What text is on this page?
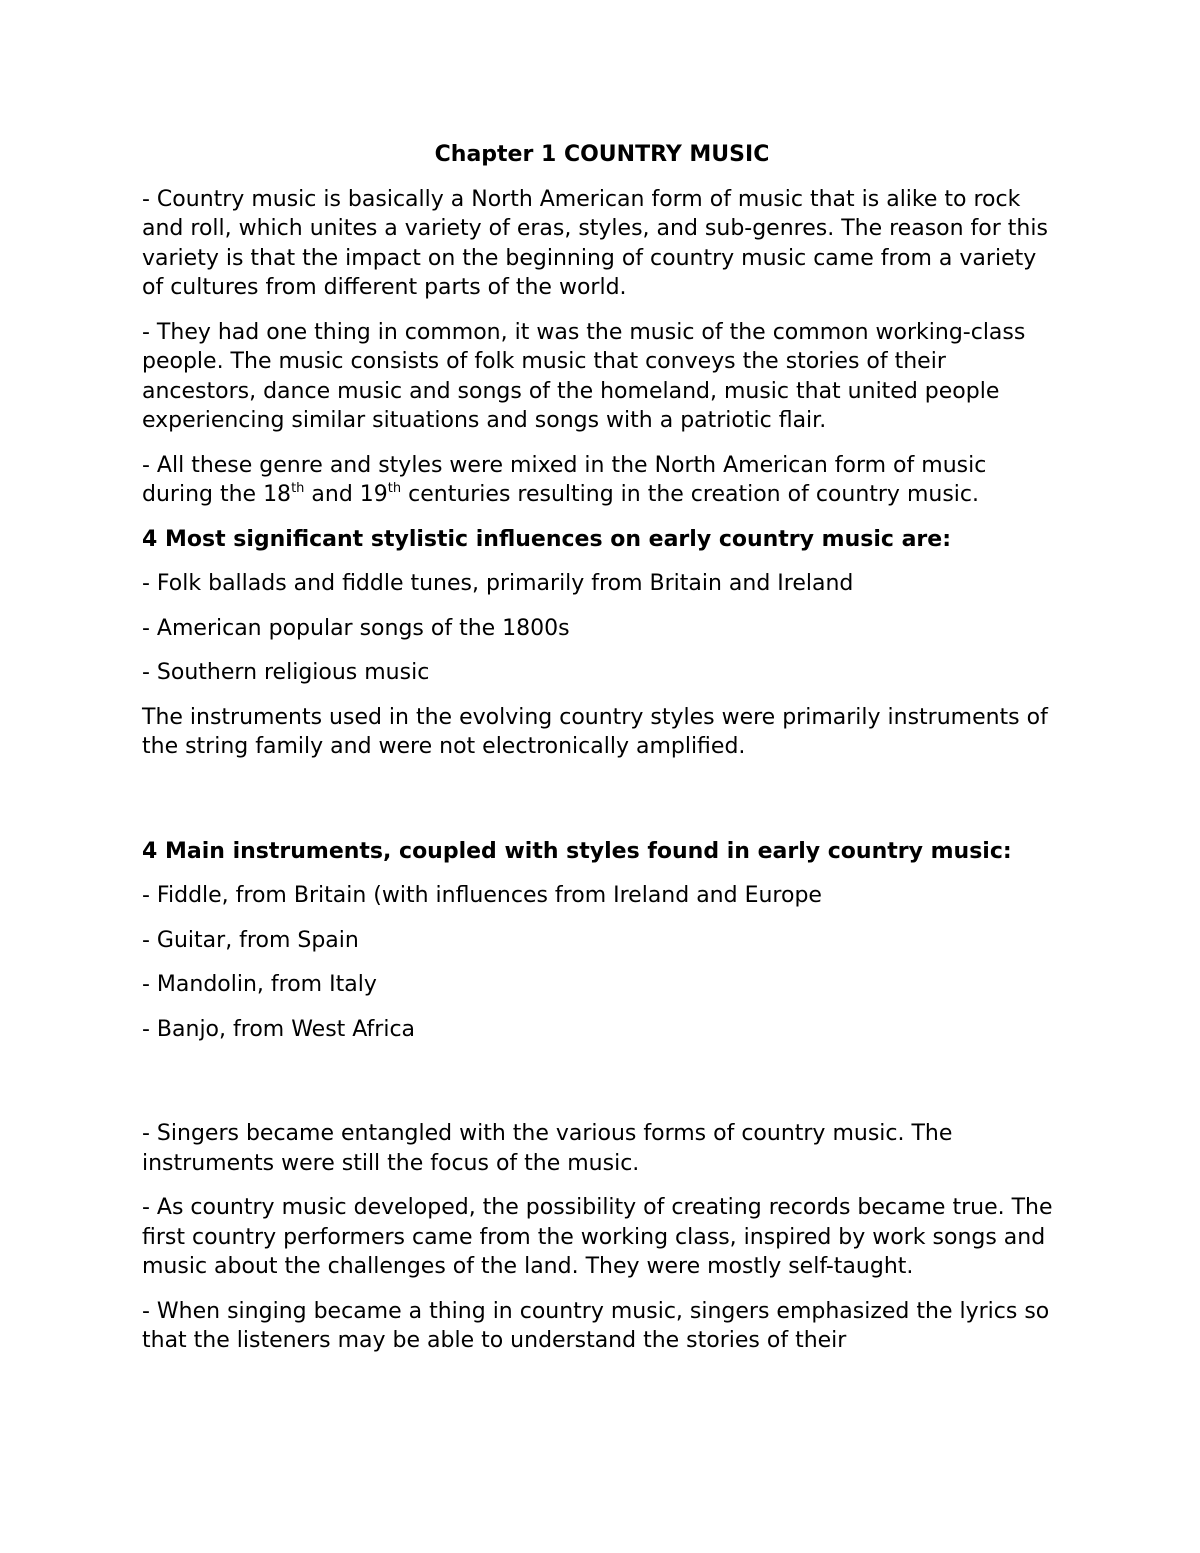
Chapter 1 COUNTRY MUSIC

- Country music is basically a North American form of music that is alike to rock and roll, which unites a variety of eras, styles, and sub-genres. The reason for this variety is that the impact on the beginning of country music came from a variety of cultures from different parts of the world.

- They had one thing in common, it was the music of the common working-class people. The music consists of folk music that conveys the stories of their ancestors, dance music and songs of the homeland, music that united people experiencing similar situations and songs with a patriotic flair.

- All these genre and styles were mixed in the North American form of music during the 18th and 19th centuries resulting in the creation of country music.

4 Most significant stylistic influences on early country music are:

- Folk ballads and fiddle tunes, primarily from Britain and Ireland

- American popular songs of the 1800s

- Southern religious music

The instruments used in the evolving country styles were primarily instruments of the string family and were not electronically amplified.

4 Main instruments, coupled with styles found in early country music:

- Fiddle, from Britain (with influences from Ireland and Europe

- Guitar, from Spain

- Mandolin, from Italy

- Banjo, from West Africa

- Singers became entangled with the various forms of country music. The instruments were still the focus of the music.

- As country music developed, the possibility of creating records became true. The first country performers came from the working class, inspired by work songs and music about the challenges of the land. They were mostly self-taught.

- When singing became a thing in country music, singers emphasized the lyrics so that the listeners may be able to understand the stories of their
